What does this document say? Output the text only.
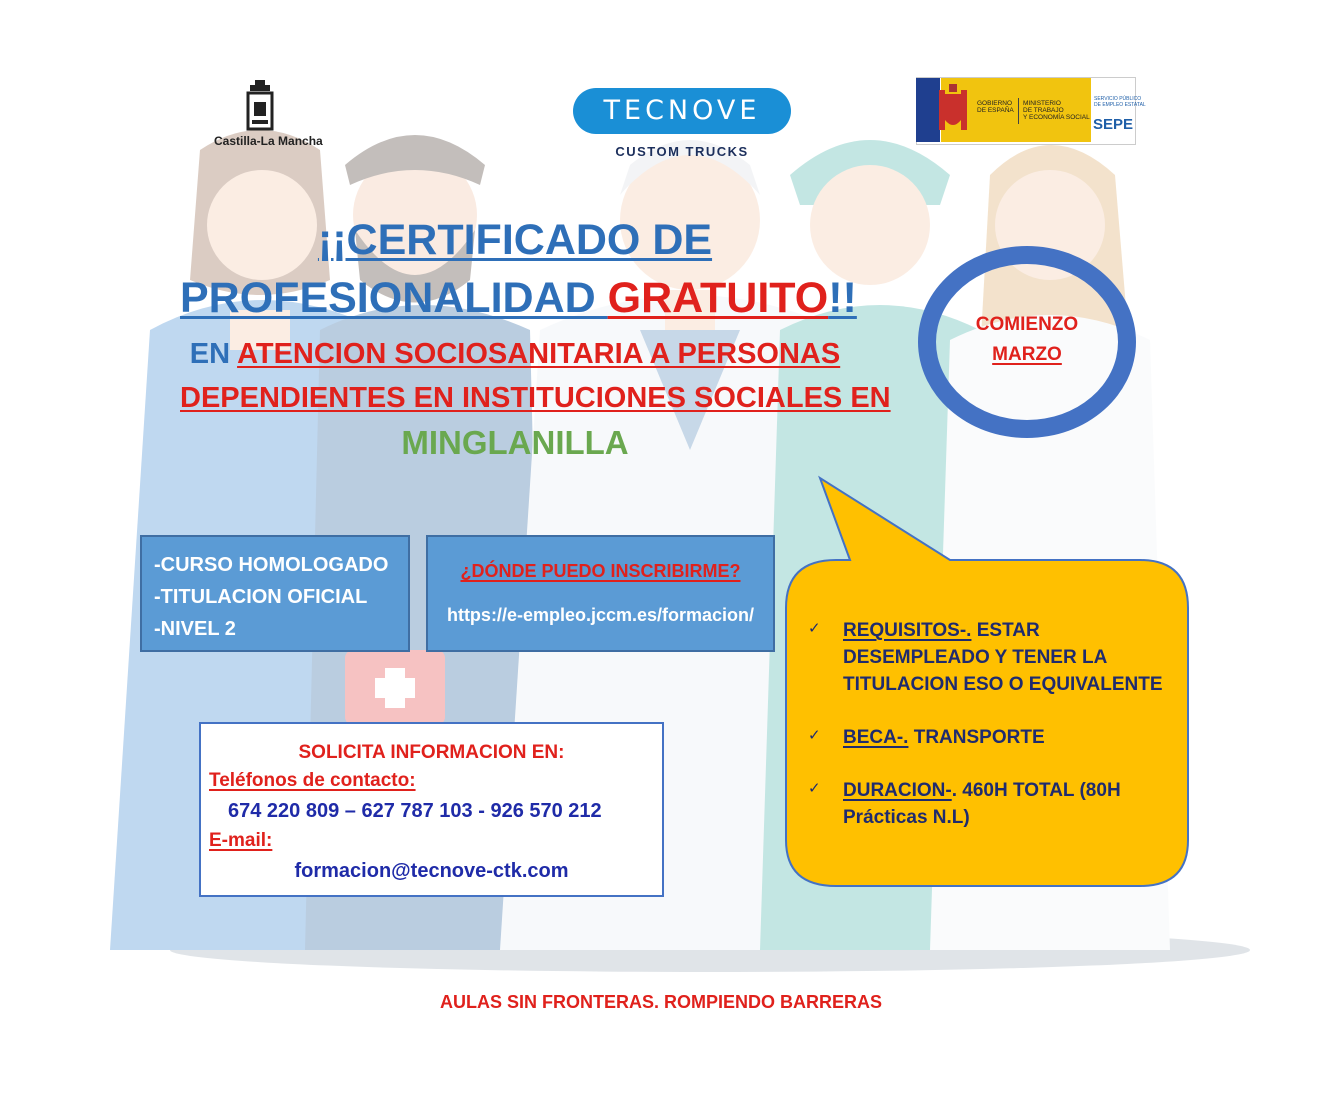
Castilla-La Mancha
TECNOVE
CUSTOM TRUCKS
GOBIERNO
DE ESPAÑA
MINISTERIO
DE TRABAJO
Y ECONOMÍA SOCIAL
SERVICIO PÚBLICO
DE EMPLEO ESTATAL
SEPE
¡¡CERTIFICADO DE
PROFESIONALIDAD GRATUITO!!
EN ATENCION SOCIOSANITARIA A PERSONAS
DEPENDIENTES EN INSTITUCIONES SOCIALES EN
MINGLANILLA
COMIENZO
MARZO
-CURSO HOMOLOGADO
-TITULACION OFICIAL
-NIVEL 2
¿DÓNDE PUEDO INSCRIBIRME?
https://e-empleo.jccm.es/formacion/
✓ REQUISITOS-. ESTAR
DESEMPLEADO Y TENER LA
TITULACION ESO O EQUIVALENTE
✓ BECA-. TRANSPORTE
✓ DURACION-. 460H TOTAL (80H
Prácticas N.L)
SOLICITA INFORMACION EN:
Teléfonos de contacto:
674 220 809 – 627 787 103 - 926 570 212
E-mail:
formacion@tecnove-ctk.com
AULAS SIN FRONTERAS. ROMPIENDO BARRERAS
